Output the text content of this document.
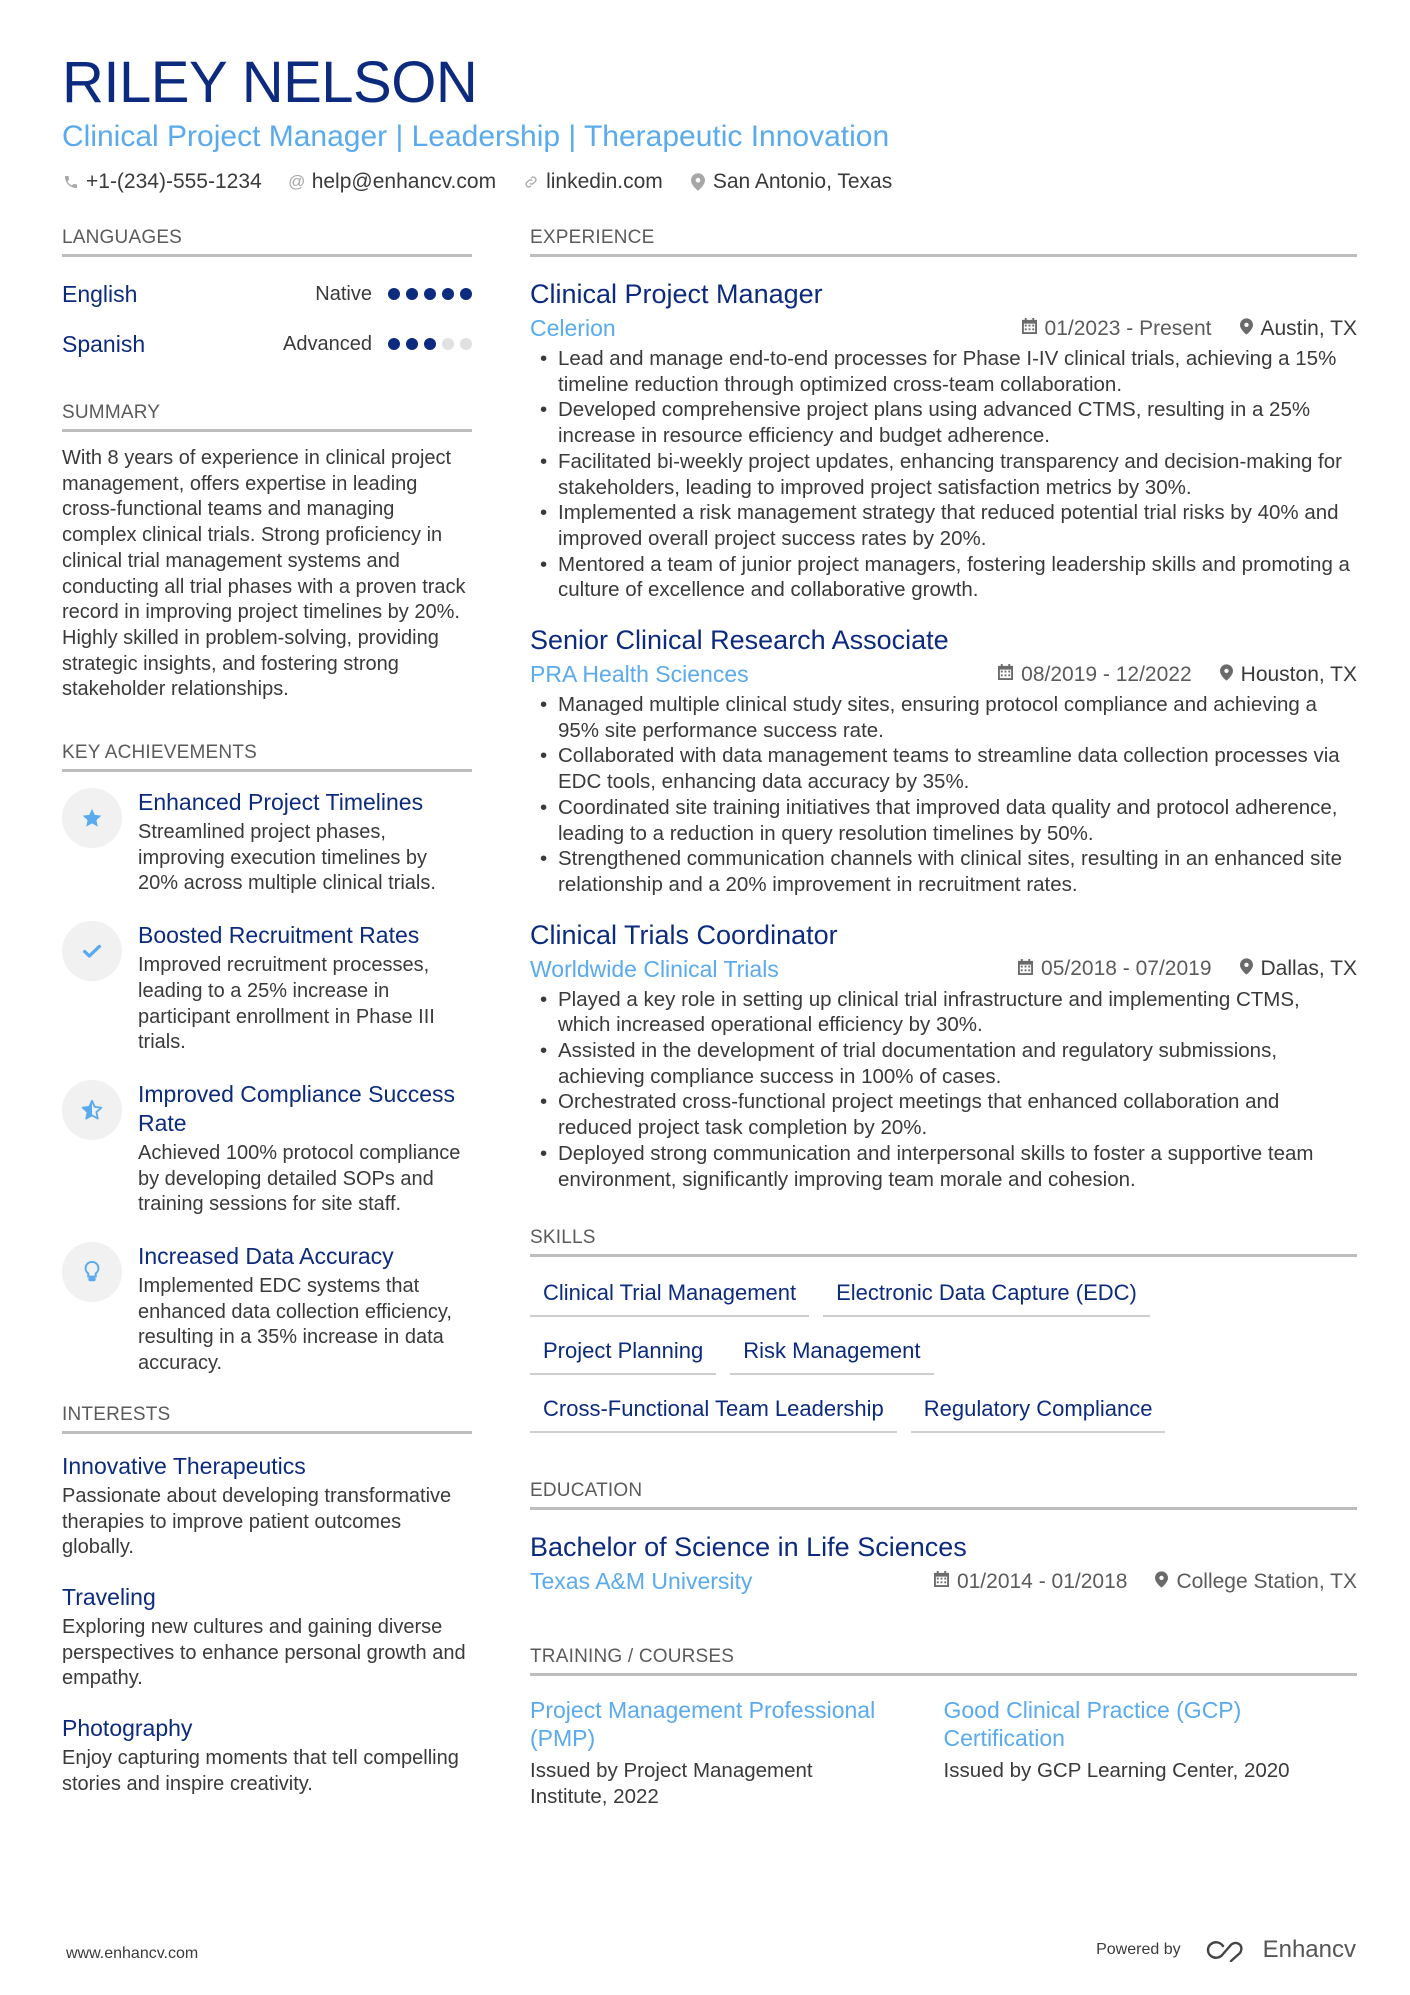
RILEY NELSON
Clinical Project Manager | Leadership | Therapeutic Innovation
+1-(234)-555-1234 @ help@enhancv.com linkedin.com San Antonio, Texas
LANGUAGES
English	Native
Spanish	Advanced
SUMMARY

With 8 years of experience in clinical project management, offers expertise in leading cross-functional teams and managing complex clinical trials. Strong proficiency in clinical trial management systems and conducting all trial phases with a proven track record in improving project timelines by 20%. Highly skilled in problem-solving, providing strategic insights, and fostering strong stakeholder relationships.

KEY ACHIEVEMENTS
Enhanced Project Timelines
Streamlined project phases, improving execution timelines by 20% across multiple clinical trials.
Boosted Recruitment Rates
Improved recruitment processes, leading to a 25% increase in participant enrollment in Phase III trials.
Improved Compliance Success Rate
Achieved 100% protocol compliance by developing detailed SOPs and training sessions for site staff.
Increased Data Accuracy
Implemented EDC systems that enhanced data collection efficiency, resulting in a 35% increase in data accuracy.
INTERESTS
Innovative Therapeutics
Passionate about developing transformative therapies to improve patient outcomes globally.
Traveling
Exploring new cultures and gaining diverse perspectives to enhance personal growth and empathy.
Photography
Enjoy capturing moments that tell compelling stories and inspire creativity.
EXPERIENCE
Clinical Project Manager
Celerion	01/2023 - Present Austin, TX
• Lead and manage end-to-end processes for Phase I-IV clinical trials, achieving a 15% timeline reduction through optimized cross-team collaboration.
• Developed comprehensive project plans using advanced CTMS, resulting in a 25% increase in resource efficiency and budget adherence.
• Facilitated bi-weekly project updates, enhancing transparency and decision-making for stakeholders, leading to improved project satisfaction metrics by 30%.
• Implemented a risk management strategy that reduced potential trial risks by 40% and improved overall project success rates by 20%.
• Mentored a team of junior project managers, fostering leadership skills and promoting a culture of excellence and collaborative growth.
Senior Clinical Research Associate
PRA Health Sciences	08/2019 - 12/2022 Houston, TX
• Managed multiple clinical study sites, ensuring protocol compliance and achieving a 95% site performance success rate.
• Collaborated with data management teams to streamline data collection processes via EDC tools, enhancing data accuracy by 35%.
• Coordinated site training initiatives that improved data quality and protocol adherence, leading to a reduction in query resolution timelines by 50%.
• Strengthened communication channels with clinical sites, resulting in an enhanced site relationship and a 20% improvement in recruitment rates.
Clinical Trials Coordinator
Worldwide Clinical Trials	05/2018 - 07/2019 Dallas, TX
• Played a key role in setting up clinical trial infrastructure and implementing CTMS, which increased operational efficiency by 30%.
• Assisted in the development of trial documentation and regulatory submissions, achieving compliance success in 100% of cases.
• Orchestrated cross-functional project meetings that enhanced collaboration and reduced project task completion by 20%.
• Deployed strong communication and interpersonal skills to foster a supportive team environment, significantly improving team morale and cohesion.
SKILLS
Clinical Trial Management	Electronic Data Capture (EDC)
Project Planning	Risk Management
Cross-Functional Team Leadership	Regulatory Compliance
EDUCATION
Bachelor of Science in Life Sciences
Texas A&M University	01/2014 - 01/2018 College Station, TX
TRAINING / COURSES
Project Management Professional (PMP)
Issued by Project Management Institute, 2022
Good Clinical Practice (GCP) Certification
Issued by GCP Learning Center, 2020
www.enhancv.com	Powered by	Enhancv
